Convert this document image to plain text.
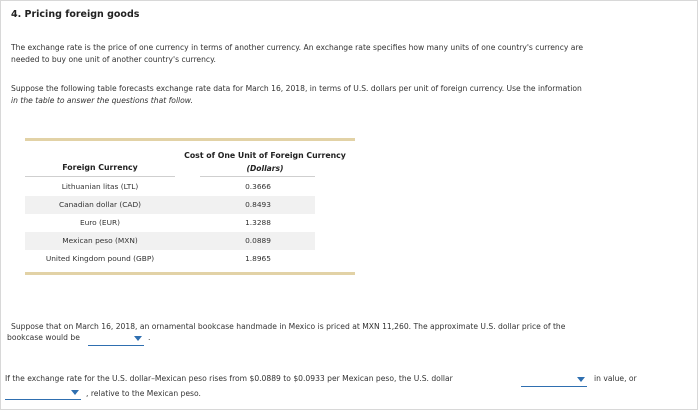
4. Pricing foreign goods
The exchange rate is the price of one currency in terms of another currency. An exchange rate specifies how many units of one country's currency are
needed to buy one unit of another country's currency.
Suppose the following table forecasts exchange rate data for March 16, 2018, in terms of U.S. dollars per unit of foreign currency. Use the information
in the table to answer the questions that follow.
Cost of One Unit of Foreign Currency
(Dollars)
Foreign Currency
Lithuanian litas (LTL)	0.3666
Canadian dollar (CAD)	0.8493
Euro (EUR)	1.3288
Mexican peso (MXN)	0.0889
United Kingdom pound (GBP)	1.8965
Suppose that on March 16, 2018, an ornamental bookcase handmade in Mexico is priced at MXN 11,260. The approximate U.S. dollar price of the
bookcase would be	.
If the exchange rate for the U.S. dollar–Mexican peso rises from $0.0889 to $0.0933 per Mexican peso, the U.S. dollar	in value, or
, relative to the Mexican peso.
